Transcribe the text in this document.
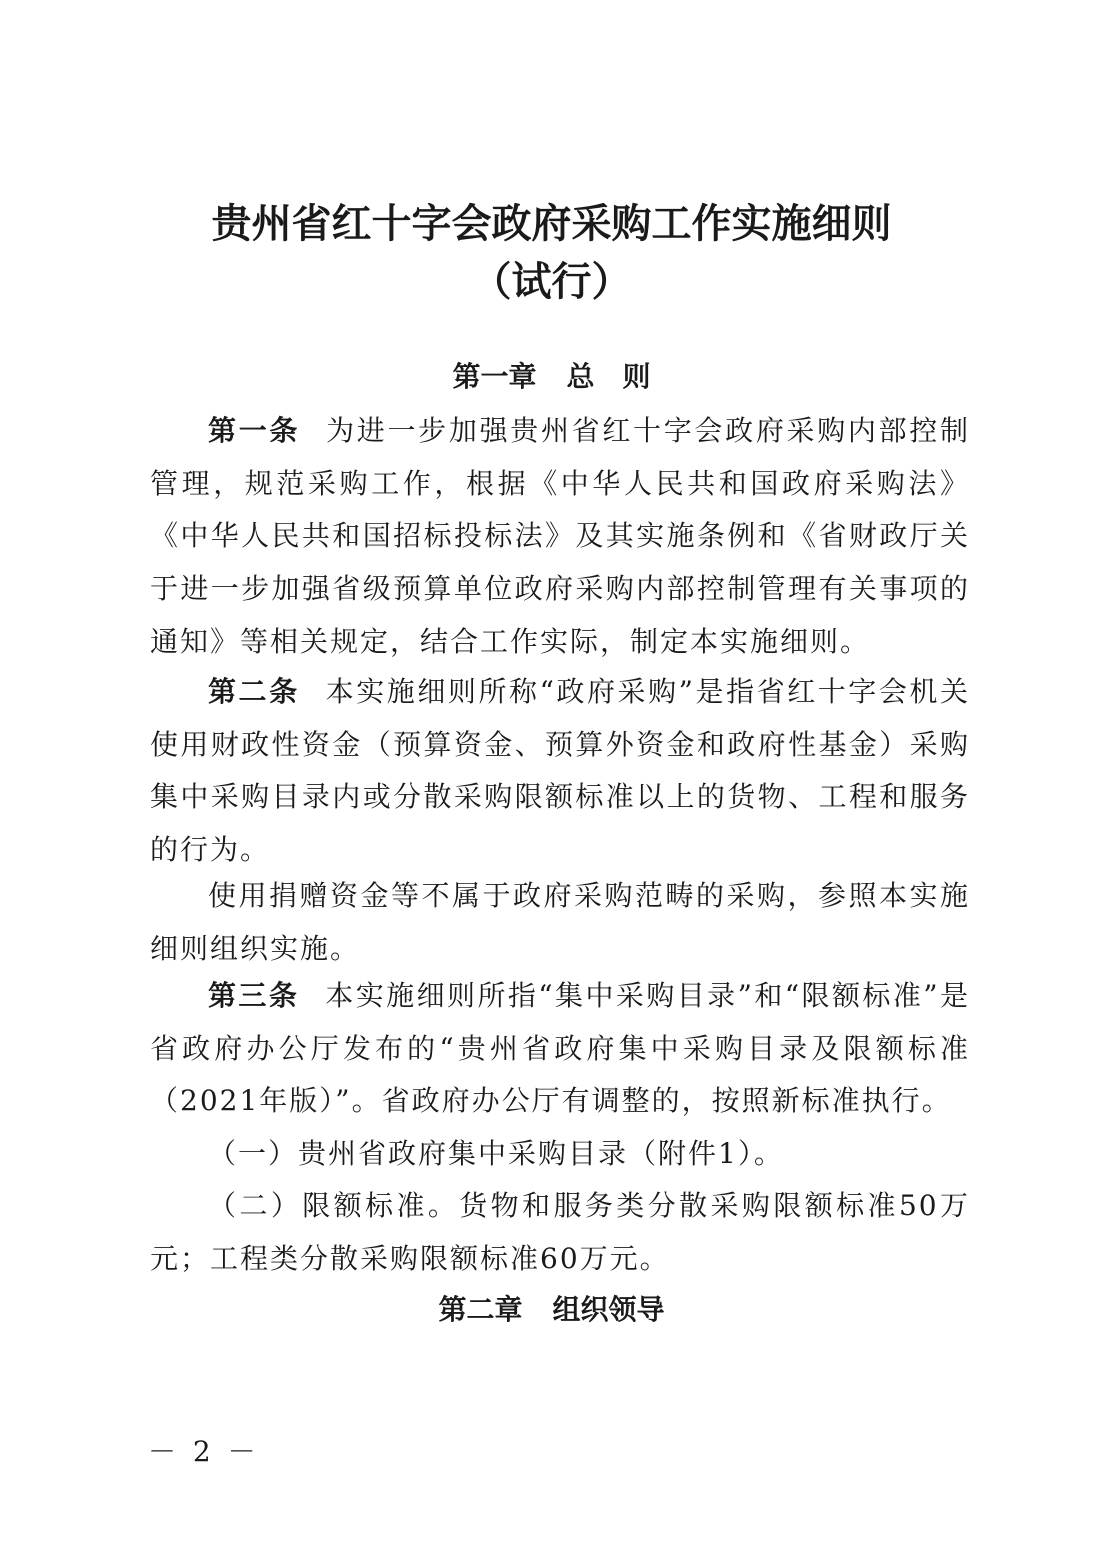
贵州省红十字会政府采购工作实施细则
（试行）
第一章 总　则

第一条 为进一步加强贵州省红十字会政府采购内部控制管理，规范采购工作，根据《中华人民共和国政府采购法》《中华人民共和国招标投标法》及其实施条例和《省财政厅关于进一步加强省级预算单位政府采购内部控制管理有关事项的通知》等相关规定，结合工作实际，制定本实施细则。

第二条 本实施细则所称“政府采购”是指省红十字会机关使用财政性资金（预算资金、预算外资金和政府性基金）采购集中采购目录内或分散采购限额标准以上的货物、工程和服务的行为。

使用捐赠资金等不属于政府采购范畴的采购，参照本实施细则组织实施。

第三条 本实施细则所指“集中采购目录”和“限额标准”是省政府办公厅发布的“贵州省政府集中采购目录及限额标准（2021年版）”。省政府办公厅有调整的，按照新标准执行。

（一）贵州省政府集中采购目录（附件1）。

（二）限额标准。货物和服务类分散采购限额标准50万元；工程类分散采购限额标准60万元。

第二章 组织领导
－ 2 －
